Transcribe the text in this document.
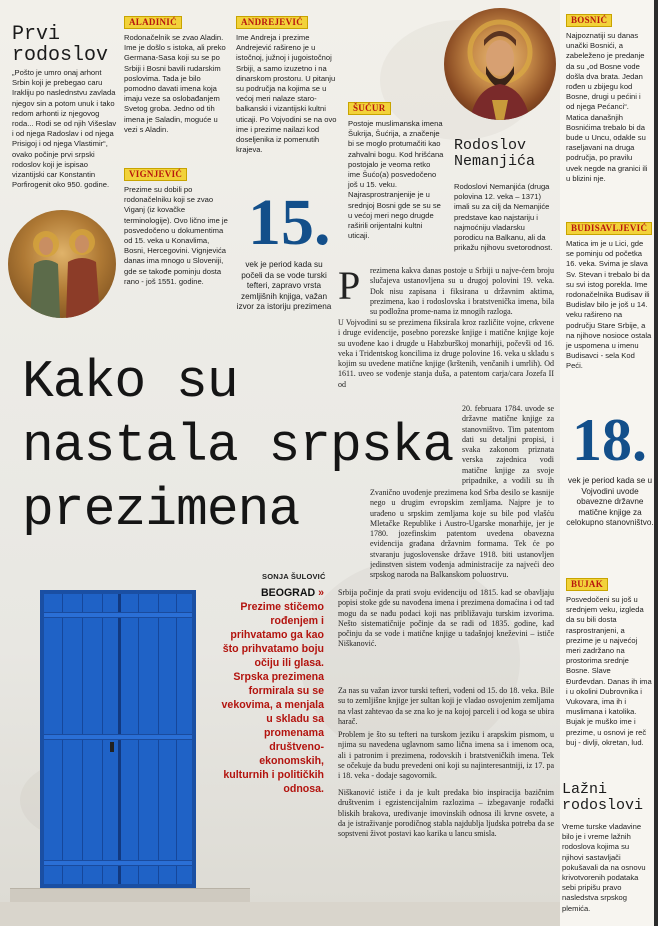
Prvi
rodoslov
„Pošto je umro onaj arhont Srbin koji je prebegao caru Irakliju po naslednstvu zavlada njegov sin a potom unuk i tako redom arhonti iz njegovog roda... Rodi se od njih Višeslav i od njega Radoslav i od njega Prisigoj i od njega Vlastimir“, ovako počinje prvi srpski rodoslov koji je ispisao vizantijski car Konstantin Porfirogenit oko 950. godine.
ALADINIĆ
Rodonačelnik se zvao Aladin. Ime je došlo s istoka, ali preko Germana-Sasa koji su se po Srbiji i Bosni bavili rudarskim poslovima. Tada je bilo pomodno davati imena koja imaju veze sa oslobađanjem Svetog groba. Jedno od tih imena je Saladin, moguće u vezi s Aladin.
ANDREJEVIĆ
Ime Andreja i prezime Andrejević rašireno je u istočnoj, južnoj i jugoistočnoj Srbiji, a samo izuzetno i na dinarskom prostoru. U pitanju su područja na kojima se u većoj meri nalaze staro-balkanski i vizantijski kultni uticaji. Po Vojvodini se na ovo ime i prezime nailazi kod doseljenika iz pomenutih krajeva.
ŠUĆUR
Postoje muslimanska imena Šukrija, Šućrija, a značenje bi se moglo protumačiti kao zahvalni bogu. Kod hrišćana postojalo je veoma retko ime Šućo(a) posvedočeno još u 15. veku. Najrasprostranjenije je u srednjoj Bosni gde se su se u većoj meri nego drugde raširili orijentalni kultni uticaji.
Rodoslov
Nemanjića
Rodoslovi Nemanjića (druga polovina 12. veka – 1371) imali su za cilj da Nemanjiće predstave kao najstariju i najmoćniju vladarsku porodicu na Balkanu, ali da prikažu njihovu svetorodnost.
BOSNIĆ
Najpoznatiji su danas unački Bosnići, a zabeleženo je predanje da su „od Bosne vode došla dva brata. Jedan rođen u zbijegu kod Bosne, drugi u pećini i od njega Pećanci“. Matica današnjih Bosnićima trebalo bi da bude u Uncu, odakle su raseljavani na druga područja, po pravilu uvek negde na granici ili u blizini nje.
VIGNJEVIĆ
Prezime su dobili po rodonačelniku koji se zvao Viganj (iz kovačke terminologije). Ovo lično ime je posvedočeno u dokumentima od 15. veka u Konavlima, Bosni, Hercegovini. Vignjevića danas ima mnogo u Sloveniji, gde se takođe pominju dosta rano - još 1551. godine.
15.
vek je period kada su počeli da se vode turski tefteri, zapravo vrsta zemljišnih knjiga, važan izvor za istoriju prezimena
BUDISAVLJEVIĆ
Matica im je u Lici, gde se pominju od početka 16. veka. Svima je slava Sv. Stevan i trebalo bi da su svi istog porekla. Ime rodonačelnika Budisav ili Budislav bilo je još u 14. veku rašireno na području Stare Srbije, a na njihove nosioce ostala je uspomena u imenu Budisavci - sela Kod Peći.
Kako su
nastala srpska
prezimena
P rezimena kakva danas postoje u Srbiji u najve-ćem broju slučajeva ustanovljena su u drugoj polovini 19. veka. Dok nisu zapisana i fiksirana u državnim aktima, prezimena, kao i rodoslovska i bratstvenička imena, bila su podložna prome-nama iz mnogih razloga.
U Vojvodini su se prezimena fiksirala kroz različite vojne, crkvene i druge evidencije, posebno porezske knjige i matične knjige koje su uvođene kao i drugde u Habzburškoj monarhiji, počevši od 16. veka i Tridentskog koncilima iz druge polovine 16. veka u skladu s kojim su uvedene matične knjige (krštenih, venčanih i umrlih). Od 1611. uveo se vođenje stanja duša, a patentom carja/cara Jozefa II od
20. februara 1784. uvode se državne matične knjige za stanovništvo. Tim patentom dati su detaljni propisi, i svaka zakonom priznata verska zajednica vodi matične knjige za svoje pripadnike, a vodili su ih
Zvanično uvođenje prezimena kod Srba desilo se kasnije nego u drugim evropskim zemljama. Najpre je to urađeno u srpskim zemljama koje su bile pod vlašću Mletačke Republike i Austro-Ugarske monarhije, jer je 1780. jozefinskim patentom uvedena obavezna evidencija građana državnim formama. Tek će po stvaranju jugoslovenske države 1918. biti ustanovljen jedinstven sistem vođenja administracije za najveći deo srpskog naroda na Balkanskom poluostrvu.
Srbija počinje da prati svoju evidenciju od 1815. kad se obavljaju popisi stoke gde su navođena imena i prezimena domaćina i od tad mogu da se nađu podaci koji nas približavaju turskim izvorima. Nešto sistematičnije počinje da se radi od 1835. godine, kad počinju da se vode i matične knjige u tadašnjoj kneževini – ističe Niškanović.
Za nas su važan izvor turski tefteri, vođeni od 15. do 18. veka. Bile su to zemljišne knjige jer sultan koji je vladao osvojenim zemljama na vlast zahtevao da se zna ko je na kojoj parceli i od koga se ubira harač.
Problem je što su tefteri na turskom jeziku i arapskim pismom, u njima su navedena uglavnom samo lična imena sa i imenom oca, ali i patronim i prezimena, rodovskih i bratstveničkih imena. Tek se očekuje da budu prevedeni oni koji su najinteresantniji, iz 17. pa i 18. veka - dodaje sagovornik.
Niškanović ističe i da je kult predaka bio inspiracija bazičnim društvenim i egzistencijalnim razlozima – izbegavanje rođački bliskih brakova, uređivanje imovinskih odnosa ili krvne osvete, a da je istraživanje porodičnog stabla najdublja ljudska potreba da se sopstveni život postavi kao karika u lancu smisla.
18.
vek je period kada se u Vojvodini uvode obavezne državne matične knjige za celokupno stanovništvo.
SONJA ŠULOVIĆ
BEOGRAD » Prezime stičemo rođenjem i prihvatamo ga kao što prihvatamo boju očiju ili glasa. Srpska prezimena formirala su se vekovima, a menjala u skladu sa promenama društveno-ekonomskih, kulturnih i političkih odnosa.
BUJAK
Posvedočeni su još u srednjem veku, izgleda da su bili dosta rasprostranjeni, a prezime je u najvećoj meri zadržano na prostorima srednje Bosne. Slave Đurđevdan. Danas ih ima i u okolini Dubrovnika i Vukovara, ima ih i muslimana i katolika. Bujak je muško ime i prezime, u osnovi je reč buj - divlji, okretan, lud.
Lažni
rodoslovi
Vreme turske vladavine bilo je i vreme lažnih rodoslova kojima su njihovi sastavljači pokušavali da na osnovu krivotvorenih podataka sebi pripišu pravo nasledstva srpskog plemića.
